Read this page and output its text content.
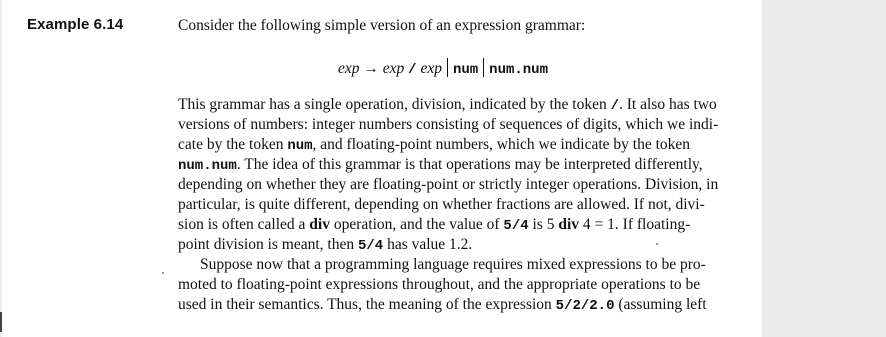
Example 6.14	Consider the following simple version of an expression grammar:
exp → exp / exp num num.num
This grammar has a single operation, division, indicated by the token /. It also has two
versions of numbers: integer numbers consisting of sequences of digits, which we indi-
cate by the token num, and floating-point numbers, which we indicate by the token
num.num. The idea of this grammar is that operations may be interpreted differently,
depending on whether they are floating-point or strictly integer operations. Division, in
particular, is quite different, depending on whether fractions are allowed. If not, divi-
sion is often called a div operation, and the value of 5/4 is 5 div 4 = 1. If floating-
point division is meant, then 5/4 has value 1.2.
Suppose now that a programming language requires mixed expressions to be pro-
moted to floating-point expressions throughout, and the appropriate operations to be
used in their semantics. Thus, the meaning of the expression 5/2/2.0 (assuming left
